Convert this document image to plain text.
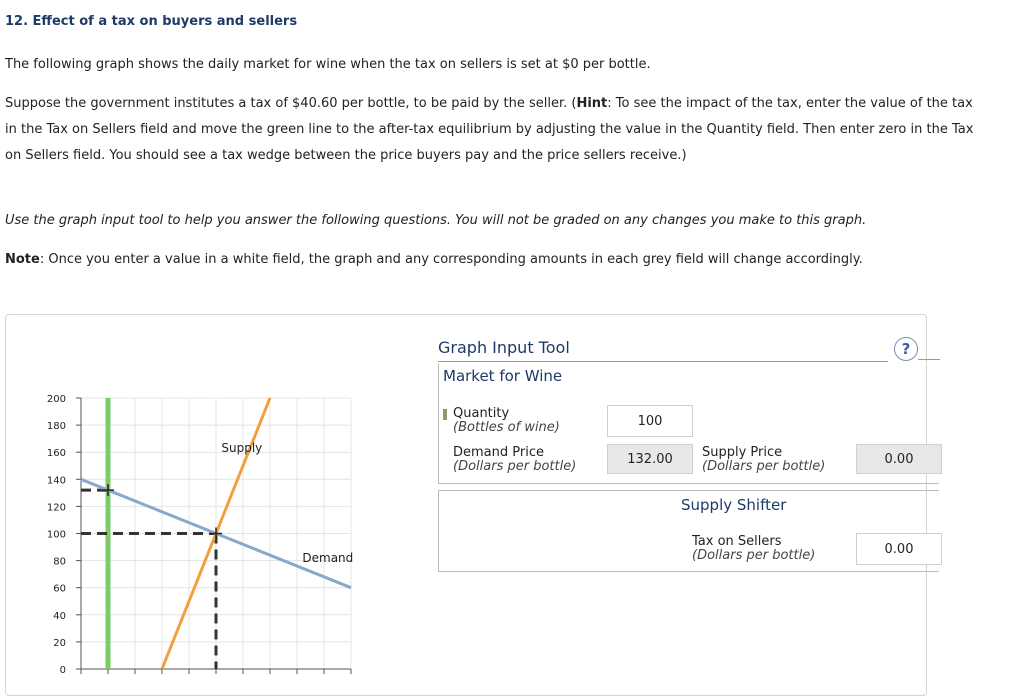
12. Effect of a tax on buyers and sellers
The following graph shows the daily market for wine when the tax on sellers is set at $0 per bottle.
Suppose the government institutes a tax of $40.60 per bottle, to be paid by the seller. (Hint: To see the impact of the tax, enter the value of the tax
in the Tax on Sellers field and move the green line to the after-tax equilibrium by adjusting the value in the Quantity field. Then enter zero in the Tax
on Sellers field. You should see a tax wedge between the price buyers pay and the price sellers receive.)
Use the graph input tool to help you answer the following questions. You will not be graded on any changes you make to this graph.
Note: Once you enter a value in a white field, the graph and any corresponding amounts in each grey field will change accordingly.
0
20
40
60
80
100
120
140
160
180
200
Supply
Demand
Graph Input Tool	?
Market for Wine
Quantity
(Bottles of wine)	100
Demand Price
(Dollars per bottle)	132.00	Supply Price
(Dollars per bottle)	0.00
Supply Shifter
Tax on Sellers
(Dollars per bottle)	0.00
